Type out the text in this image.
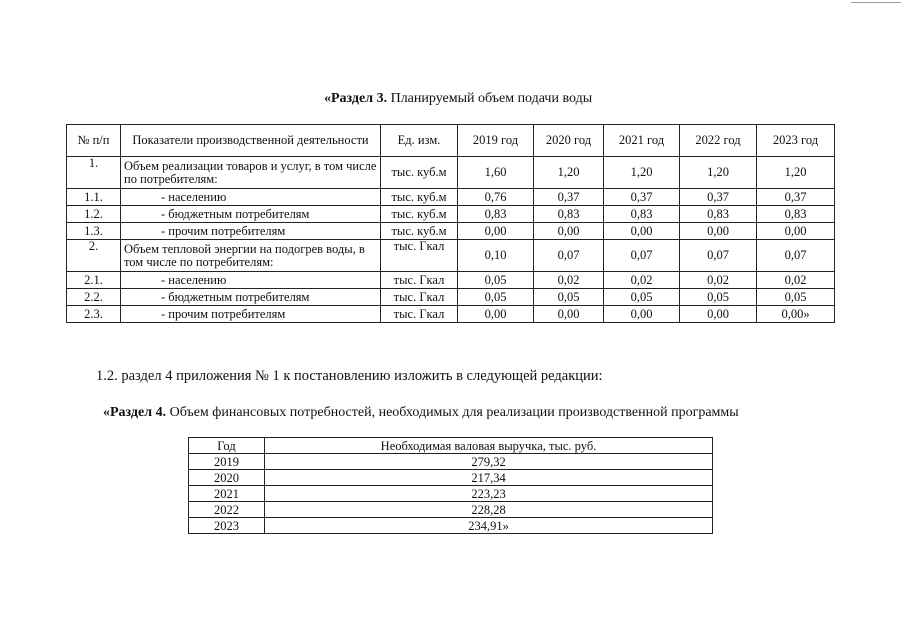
«Раздел 3. Планируемый объем подачи воды
№ п/п	Показатели производственной деятельности	Ед. изм.	2019 год	2020 год	2021 год	2022 год	2023 год
1.	Объем реализации товаров и услуг, в том числе по потребителям:	тыс. куб.м	1,60	1,20	1,20	1,20	1,20
1.1.	- населению	тыс. куб.м	0,76	0,37	0,37	0,37	0,37
1.2.	- бюджетным потребителям	тыс. куб.м	0,83	0,83	0,83	0,83	0,83
1.3.	- прочим потребителям	тыс. куб.м	0,00	0,00	0,00	0,00	0,00
2.	Объем тепловой энергии на подогрев воды, в том числе по потребителям:	тыс. Гкал	0,10	0,07	0,07	0,07	0,07
2.1.	- населению	тыс. Гкал	0,05	0,02	0,02	0,02	0,02
2.2.	- бюджетным потребителям	тыс. Гкал	0,05	0,05	0,05	0,05	0,05
2.3.	- прочим потребителям	тыс. Гкал	0,00	0,00	0,00	0,00	0,00»
1.2. раздел 4 приложения № 1 к постановлению изложить в следующей редакции:
«Раздел 4. Объем финансовых потребностей, необходимых для реализации производственной программы
Год	Необходимая валовая выручка, тыс. руб.
2019	279,32
2020	217,34
2021	223,23
2022	228,28
2023	234,91»
